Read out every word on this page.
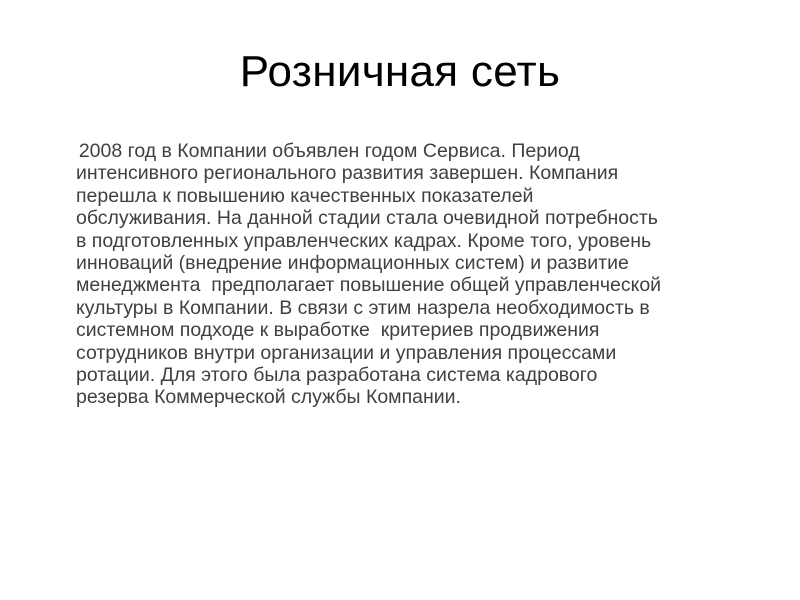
Розничная сеть
2008 год в Компании объявлен годом Сервиса. Период
интенсивного регионального развития завершен. Компания
перешла к повышению качественных показателей
обслуживания. На данной стадии стала очевидной потребность
в подготовленных управленческих кадрах. Кроме того, уровень
инноваций (внедрение информационных систем) и развитие
менеджмента  предполагает повышение общей управленческой
культуры в Компании. В связи с этим назрела необходимость в
системном подходе к выработке  критериев продвижения
сотрудников внутри организации и управления процессами
ротации. Для этого была разработана система кадрового
резерва Коммерческой службы Компании.
